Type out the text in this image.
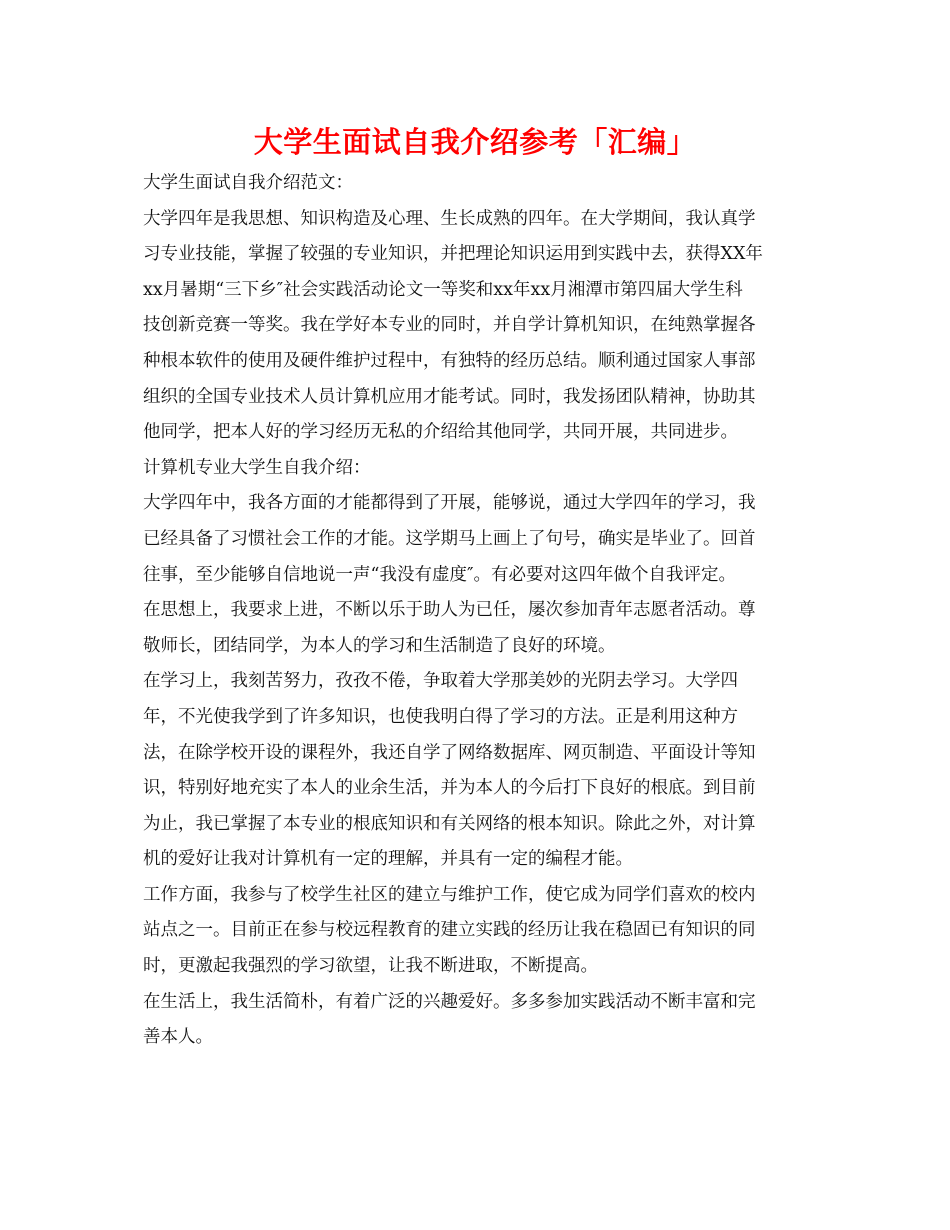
大学生面试自我介绍参考「汇编」
大学生面试自我介绍范文：
大学四年是我思想、知识构造及心理、生长成熟的四年。在大学期间，我认真学
习专业技能，掌握了较强的专业知识，并把理论知识运用到实践中去，获得XX年
xx月暑期“三下乡″社会实践活动论文一等奖和xx年xx月湘潭市第四届大学生科
技创新竞赛一等奖。我在学好本专业的同时，并自学计算机知识，在纯熟掌握各
种根本软件的使用及硬件维护过程中，有独特的经历总结。顺利通过国家人事部
组织的全国专业技术人员计算机应用才能考试。同时，我发扬团队精神，协助其
他同学，把本人好的学习经历无私的介绍给其他同学，共同开展，共同进步。
计算机专业大学生自我介绍：
大学四年中，我各方面的才能都得到了开展，能够说，通过大学四年的学习，我
已经具备了习惯社会工作的才能。这学期马上画上了句号，确实是毕业了。回首
往事，至少能够自信地说一声“我没有虚度″。有必要对这四年做个自我评定。
在思想上，我要求上进，不断以乐于助人为已任，屡次参加青年志愿者活动。尊
敬师长，团结同学，为本人的学习和生活制造了良好的环境。
在学习上，我刻苦努力，孜孜不倦，争取着大学那美妙的光阴去学习。大学四
年，不光使我学到了许多知识，也使我明白得了学习的方法。正是利用这种方
法，在除学校开设的课程外，我还自学了网络数据库、网页制造、平面设计等知
识，特别好地充实了本人的业余生活，并为本人的今后打下良好的根底。到目前
为止，我已掌握了本专业的根底知识和有关网络的根本知识。除此之外，对计算
机的爱好让我对计算机有一定的理解，并具有一定的编程才能。
工作方面，我参与了校学生社区的建立与维护工作，使它成为同学们喜欢的校内
站点之一。目前正在参与校远程教育的建立实践的经历让我在稳固已有知识的同
时，更激起我强烈的学习欲望，让我不断进取，不断提高。
在生活上，我生活简朴，有着广泛的兴趣爱好。多多参加实践活动不断丰富和完
善本人。
